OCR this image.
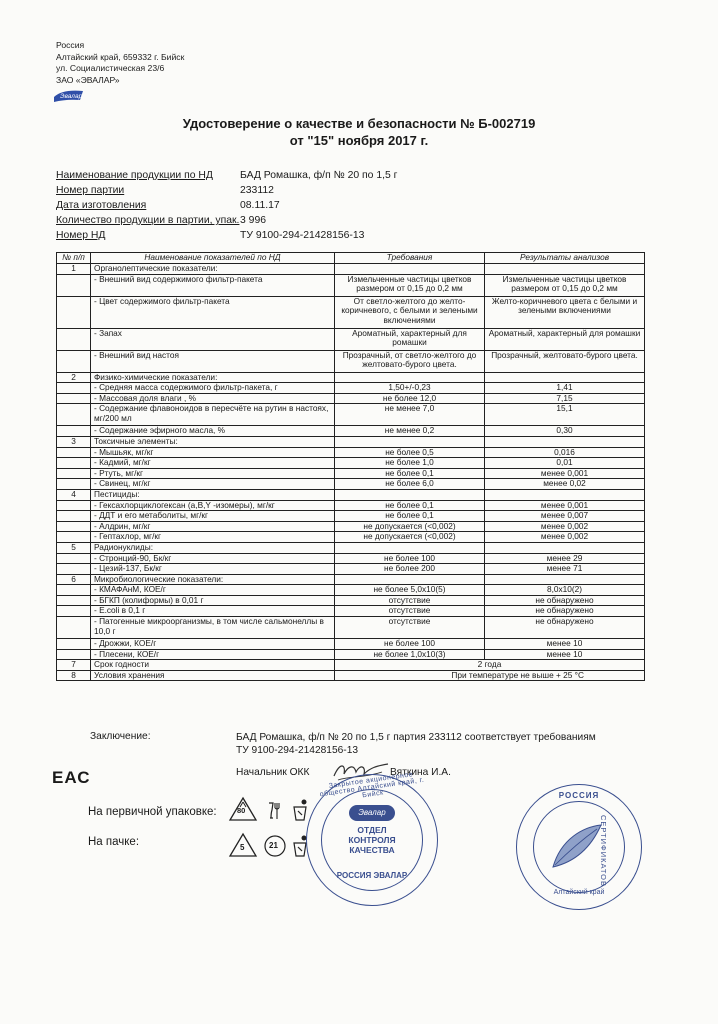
Россия
Алтайский край, 659332 г. Бийск
ул. Социалистическая 23/6
ЗАО «ЭВАЛАР»
Эвалар
Удостоверение о качестве и безопасности № Б-002719
от "15" ноября 2017 г.
Наименование продукции по НД	БАД Ромашка, ф/п № 20 по 1,5 г
Номер партии	233112
Дата изготовления	08.11.17
Количество продукции в партии, упак.3 996
Номер НД	ТУ 9100-294-21428156-13
№ п/п	Наименование показателей по НД	Требования	Результаты анализов
1	Органолептические показатели:		
	- Внешний вид содержимого фильтр-пакета	Измельченные частицы цветков размером от 0,15 до 0,2 мм	Измельченные частицы цветков размером от 0,15 до 0,2 мм
	- Цвет содержимого фильтр-пакета	От светло-желтого до желто-коричневого, с белыми и зелеными включениями	Желто-коричневого цвета с белыми и зелеными включениями
	- Запах	Ароматный, характерный для ромашки	Ароматный, характерный для ромашки
	- Внешний вид настоя	Прозрачный, от светло-желтого до желтовато-бурого цвета.	Прозрачный, желтовато-бурого цвета.
2	Физико-химические показатели:		
	- Средняя масса содержимого фильтр-пакета, г	1,50+/-0,23	1,41
	- Массовая доля влаги , %	не более 12,0	7,15
	- Содержание флавоноидов в пересчёте на рутин в настоях, мг/200 мл	не менее 7,0	15,1
	- Содержание эфирного масла, %	не менее 0,2	0,30
3	Токсичные элементы:		
	- Мышьяк, мг/кг	не более 0,5	0,016
	- Кадмий, мг/кг	не более 1,0	0,01
	- Ртуть, мг/кг	не более 0,1	менее 0,001
	- Свинец, мг/кг	не более 6,0	менее 0,02
4	Пестициды:		
	- Гексахлорциклогексан (a,B,Y -изомеры), мг/кг	не более 0,1	менее 0,001
	- ДДТ и его метаболиты, мг/кг	не более 0,1	менее 0,007
	- Алдрин, мг/кг	не допускается (<0,002)	менее 0,002
	- Гептахлор, мг/кг	не допускается (<0,002)	менее 0,002
5	Радионуклиды:		
	- Стронций-90, Бк/кг	не более 100	менее 29
	- Цезий-137, Бк/кг	не более 200	менее 71
6	Микробиологические показатели:		
	- КМАФАнМ, КОЕ/г	не более 5,0x10(5)	8,0x10(2)
	- БГКП (колиформы) в 0,01 г	отсутствие	не обнаружено
	- E.coli в 0,1 г	отсутствие	не обнаружено
	- Патогенные микроорганизмы, в том числе сальмонеллы в 10,0 г	отсутствие	не обнаружено
	- Дрожжи, КОЕ/г	не более 100	менее 10
	- Плесени, КОЕ/г	не более 1,0x10(3)	менее 10
7	Срок годности	2 года	
8	Условия хранения	При температуре не выше + 25 °С	
Заключение:	БАД Ромашка, ф/п № 20 по 1,5 г партия 233112 соответствует требованиям
ТУ 9100-294-21428156-13
ЕАС	Начальник ОКК	Вяткина И.А.
На первичной упаковке:
На пачке:
80
5	21
Закрытое акционерное общество Алтайский край, г. Бийск
Эвалар
ОТДЕЛ
КОНТРОЛЯ
КАЧЕСТВА
РОССИЯ ЭВАЛАР
РОССИЯ
СЕРТИФИКАТОВ
Алтайский край
